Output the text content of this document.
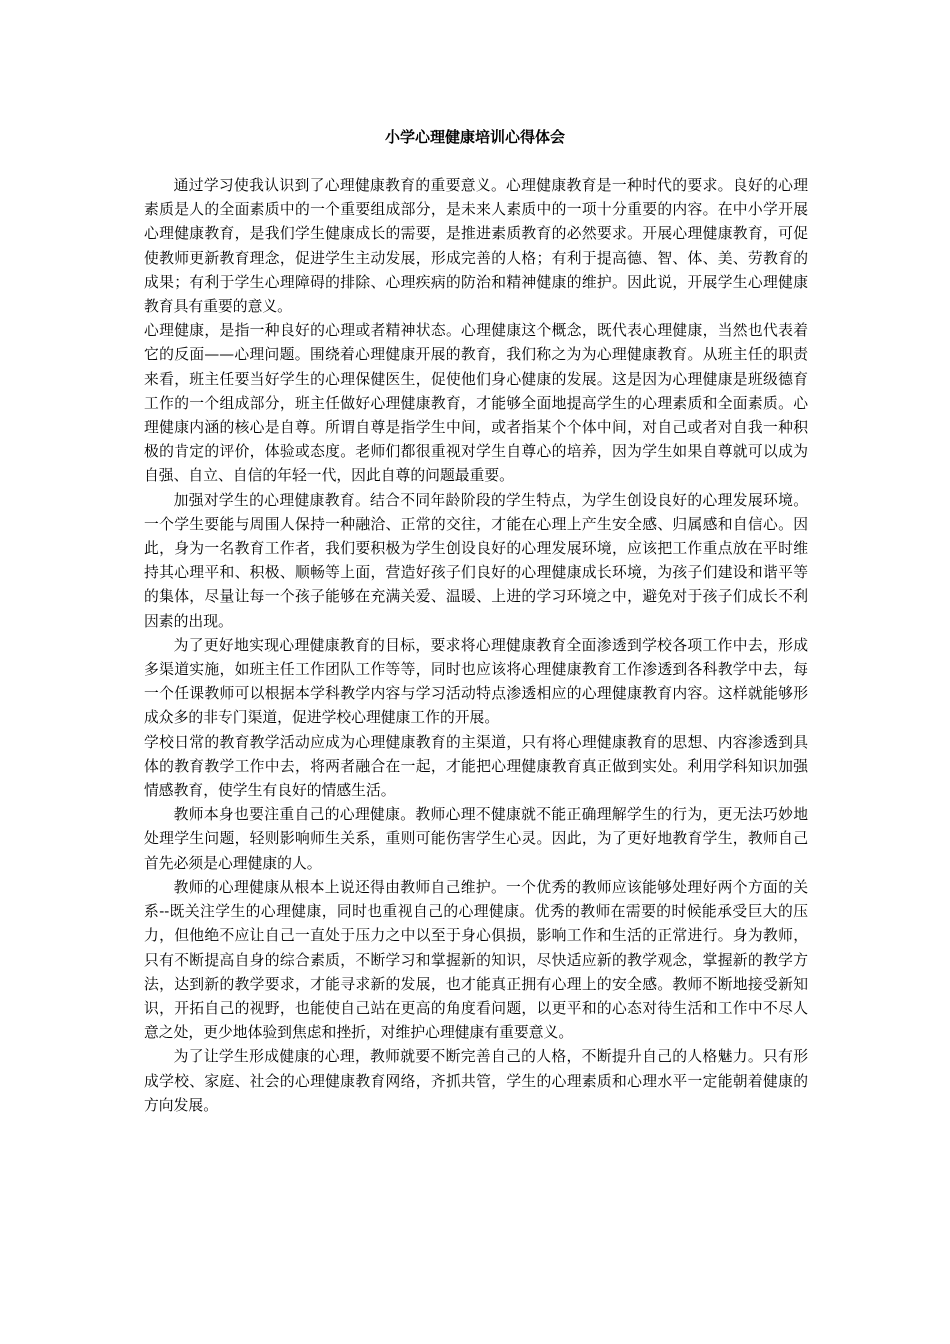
小学心理健康培训心得体会

通过学习使我认识到了心理健康教育的重要意义。心理健康教育是一种时代的要求。良好的心理素质是人的全面素质中的一个重要组成部分，是未来人素质中的一项十分重要的内容。在中小学开展心理健康教育，是我们学生健康成长的需要，是推进素质教育的必然要求。开展心理健康教育，可促使教师更新教育理念，促进学生主动发展，形成完善的人格；有利于提高德、智、体、美、劳教育的成果；有利于学生心理障碍的排除、心理疾病的防治和精神健康的维护。因此说，开展学生心理健康教育具有重要的意义。

心理健康，是指一种良好的心理或者精神状态。心理健康这个概念，既代表心理健康，当然也代表着它的反面——心理问题。围绕着心理健康开展的教育，我们称之为为心理健康教育。从班主任的职责来看，班主任要当好学生的心理保健医生，促使他们身心健康的发展。这是因为心理健康是班级德育工作的一个组成部分，班主任做好心理健康教育，才能够全面地提高学生的心理素质和全面素质。心理健康内涵的核心是自尊。所谓自尊是指学生中间，或者指某个个体中间，对自己或者对自我一种积极的肯定的评价，体验或态度。老师们都很重视对学生自尊心的培养，因为学生如果自尊就可以成为自强、自立、自信的年轻一代，因此自尊的问题最重要。

加强对学生的心理健康教育。结合不同年龄阶段的学生特点，为学生创设良好的心理发展环境。一个学生要能与周围人保持一种融洽、正常的交往，才能在心理上产生安全感、归属感和自信心。因此，身为一名教育工作者，我们要积极为学生创设良好的心理发展环境，应该把工作重点放在平时维持其心理平和、积极、顺畅等上面，营造好孩子们良好的心理健康成长环境，为孩子们建设和谐平等的集体，尽量让每一个孩子能够在充满关爱、温暖、上进的学习环境之中，避免对于孩子们成长不利因素的出现。

为了更好地实现心理健康教育的目标，要求将心理健康教育全面渗透到学校各项工作中去，形成多渠道实施，如班主任工作团队工作等等，同时也应该将心理健康教育工作渗透到各科教学中去，每一个任课教师可以根据本学科教学内容与学习活动特点渗透相应的心理健康教育内容。这样就能够形成众多的非专门渠道，促进学校心理健康工作的开展。

学校日常的教育教学活动应成为心理健康教育的主渠道，只有将心理健康教育的思想、内容渗透到具体的教育教学工作中去，将两者融合在一起，才能把心理健康教育真正做到实处。利用学科知识加强情感教育，使学生有良好的情感生活。

教师本身也要注重自己的心理健康。教师心理不健康就不能正确理解学生的行为，更无法巧妙地处理学生问题，轻则影响师生关系，重则可能伤害学生心灵。因此，为了更好地教育学生，教师自己首先必须是心理健康的人。

教师的心理健康从根本上说还得由教师自己维护。一个优秀的教师应该能够处理好两个方面的关系--既关注学生的心理健康，同时也重视自己的心理健康。优秀的教师在需要的时候能承受巨大的压力，但他绝不应让自己一直处于压力之中以至于身心俱损，影响工作和生活的正常进行。身为教师，只有不断提高自身的综合素质，不断学习和掌握新的知识，尽快适应新的教学观念，掌握新的教学方法，达到新的教学要求，才能寻求新的发展，也才能真正拥有心理上的安全感。教师不断地接受新知识，开拓自己的视野，也能使自己站在更高的角度看问题，以更平和的心态对待生活和工作中不尽人意之处，更少地体验到焦虑和挫折，对维护心理健康有重要意义。

为了让学生形成健康的心理，教师就要不断完善自己的人格，不断提升自己的人格魅力。只有形成学校、家庭、社会的心理健康教育网络，齐抓共管，学生的心理素质和心理水平一定能朝着健康的方向发展。
